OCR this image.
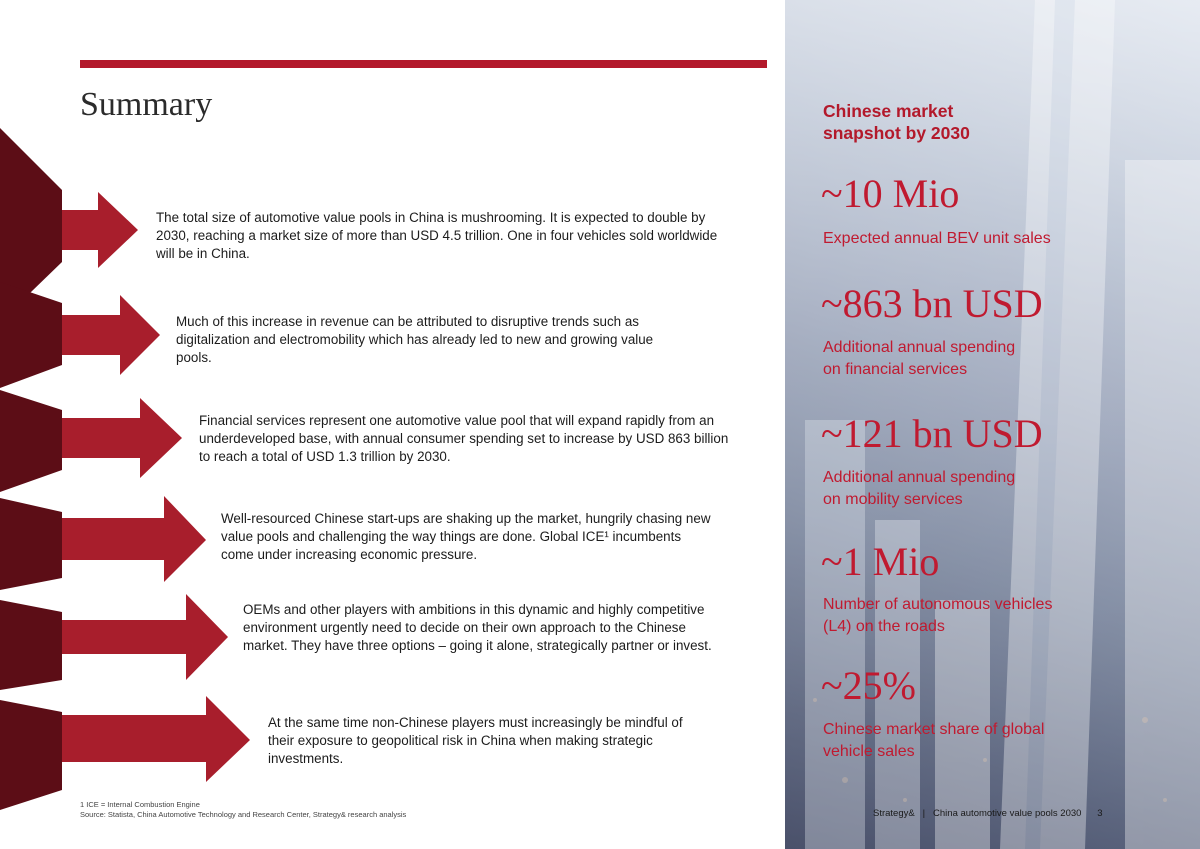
Summary

The total size of automotive value pools in China is mushrooming. It is expected to double by 2030, reaching a market size of more than USD 4.5 trillion. One in four vehicles sold worldwide will be in China.

Much of this increase in revenue can be attributed to disruptive trends such as digitalization and electromobility which has already led to new and growing value pools.

Financial services represent one automotive value pool that will expand rapidly from an underdeveloped base, with annual consumer spending set to increase by USD 863 billion to reach a total of USD 1.3 trillion by 2030.

Well-resourced Chinese start-ups are shaking up the market, hungrily chasing new value pools and challenging the way things are done. Global ICE¹ incumbents come under increasing economic pressure.

OEMs and other players with ambitions in this dynamic and highly competitive environment urgently need to decide on their own approach to the Chinese market. They have three options – going it alone, strategically partner or invest.

At the same time non-Chinese players must increasingly be mindful of their exposure to geopolitical risk in China when making strategic investments.

1 ICE = Internal Combustion Engine
Source: Statista, China Automotive Technology and Research Center, Strategy& research analysis
Chinese market
snapshot by 2030
~10 Mio
Expected annual BEV unit sales
~863 bn USD
Additional annual spending
on financial services
~121 bn USD
Additional annual spending
on mobility services
~1 Mio
Number of autonomous vehicles
(L4) on the roads
~25%
Chinese market share of global
vehicle sales
Strategy& | China automotive value pools 2030 3
